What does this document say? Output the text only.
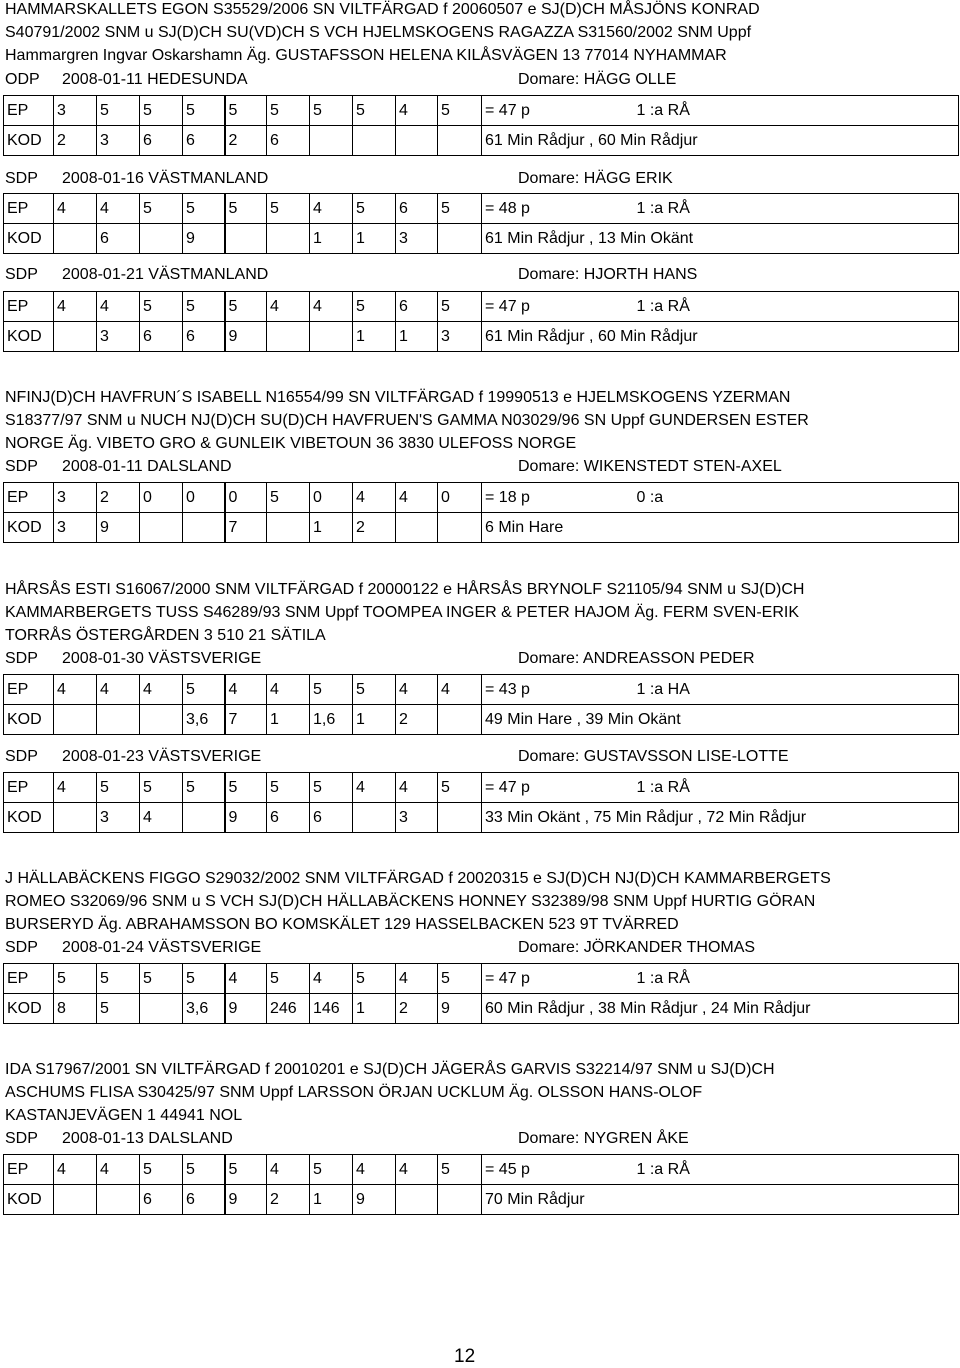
HAMMARSKALLETS EGON S35529/2006 SN VILTFÄRGAD f 20060507 e SJ(D)CH MÅSJÖNS KONRAD
S40791/2002 SNM u SJ(D)CH SU(VD)CH S VCH HJELMSKOGENS RAGAZZA S31560/2002 SNM Uppf
Hammargren Ingvar Oskarshamn Äg. GUSTAFSSON HELENA KILÅSVÄGEN 13 77014 NYHAMMAR
ODP 2008-01-11 HEDESUNDA	Domare: HÄGG OLLE
EP	3	5	5	5	5	5	5	5	4	5	= 47 p	1 :a RÅ
KOD	2	3	6	6	2	6					61 Min Rådjur , 60 Min Rådjur	
SDP 2008-01-16 VÄSTMANLAND	Domare: HÄGG ERIK
EP	4	4	5	5	5	5	4	5	6	5	= 48 p	1 :a RÅ
KOD		6		9			1	1	3		61 Min Rådjur , 13 Min Okänt	
SDP 2008-01-21 VÄSTMANLAND	Domare: HJORTH HANS
EP	4	4	5	5	5	4	4	5	6	5	= 47 p	1 :a RÅ
KOD		3	6	6	9			1	1	3	61 Min Rådjur , 60 Min Rådjur	
NFINJ(D)CH HAVFRUN´S ISABELL N16554/99 SN VILTFÄRGAD f 19990513 e HJELMSKOGENS YZERMAN
S18377/97 SNM u NUCH NJ(D)CH SU(D)CH HAVFRUEN'S GAMMA N03029/96 SN Uppf GUNDERSEN ESTER
NORGE Äg. VIBETO GRO & GUNLEIK VIBETOUN 36 3830 ULEFOSS NORGE
SDP 2008-01-11 DALSLAND	Domare: WIKENSTEDT STEN-AXEL
EP	3	2	0	0	0	5	0	4	4	0	= 18 p	0 :a
KOD	3	9			7		1	2			6 Min Hare	
HÅRSÅS ESTI S16067/2000 SNM VILTFÄRGAD f 20000122 e HÅRSÅS BRYNOLF S21105/94 SNM u SJ(D)CH
KAMMARBERGETS TUSS S46289/93 SNM Uppf TOOMPEA INGER & PETER HAJOM Äg. FERM SVEN-ERIK
TORRÅS ÖSTERGÅRDEN 3 510 21 SÄTILA
SDP 2008-01-30 VÄSTSVERIGE	Domare: ANDREASSON PEDER
EP	4	4	4	5	4	4	5	5	4	4	= 43 p	1 :a HA
KOD				3,6	7	1	1,6	1	2		49 Min Hare , 39 Min Okänt	
SDP 2008-01-23 VÄSTSVERIGE	Domare: GUSTAVSSON LISE-LOTTE
EP	4	5	5	5	5	5	5	4	4	5	= 47 p	1 :a RÅ
KOD		3	4		9	6	6		3		33 Min Okänt , 75 Min Rådjur , 72 Min Rådjur	
J HÄLLABÄCKENS FIGGO S29032/2002 SNM VILTFÄRGAD f 20020315 e SJ(D)CH NJ(D)CH KAMMARBERGETS
ROMEO S32069/96 SNM u S VCH SJ(D)CH HÄLLABÄCKENS HONNEY S32389/98 SNM Uppf HURTIG GÖRAN
BURSERYD Äg. ABRAHAMSSON BO KOMSKÄLET 129 HASSELBACKEN 523 9T TVÄRRED
SDP 2008-01-24 VÄSTSVERIGE	Domare: JÖRKANDER THOMAS
EP	5	5	5	5	4	5	4	5	4	5	= 47 p	1 :a RÅ
KOD	8	5		3,6	9	246	146	1	2	9	60 Min Rådjur , 38 Min Rådjur , 24 Min Rådjur	
IDA S17967/2001 SN VILTFÄRGAD f 20010201 e SJ(D)CH JÄGERÅS GARVIS S32214/97 SNM u SJ(D)CH
ASCHUMS FLISA S30425/97 SNM Uppf LARSSON ÖRJAN UCKLUM Äg. OLSSON HANS-OLOF
KASTANJEVÄGEN 1 44941 NOL
SDP 2008-01-13 DALSLAND	Domare: NYGREN ÅKE
EP	4	4	5	5	5	4	5	4	4	5	= 45 p	1 :a RÅ
KOD			6	6	9	2	1	9			70 Min Rådjur	
12
